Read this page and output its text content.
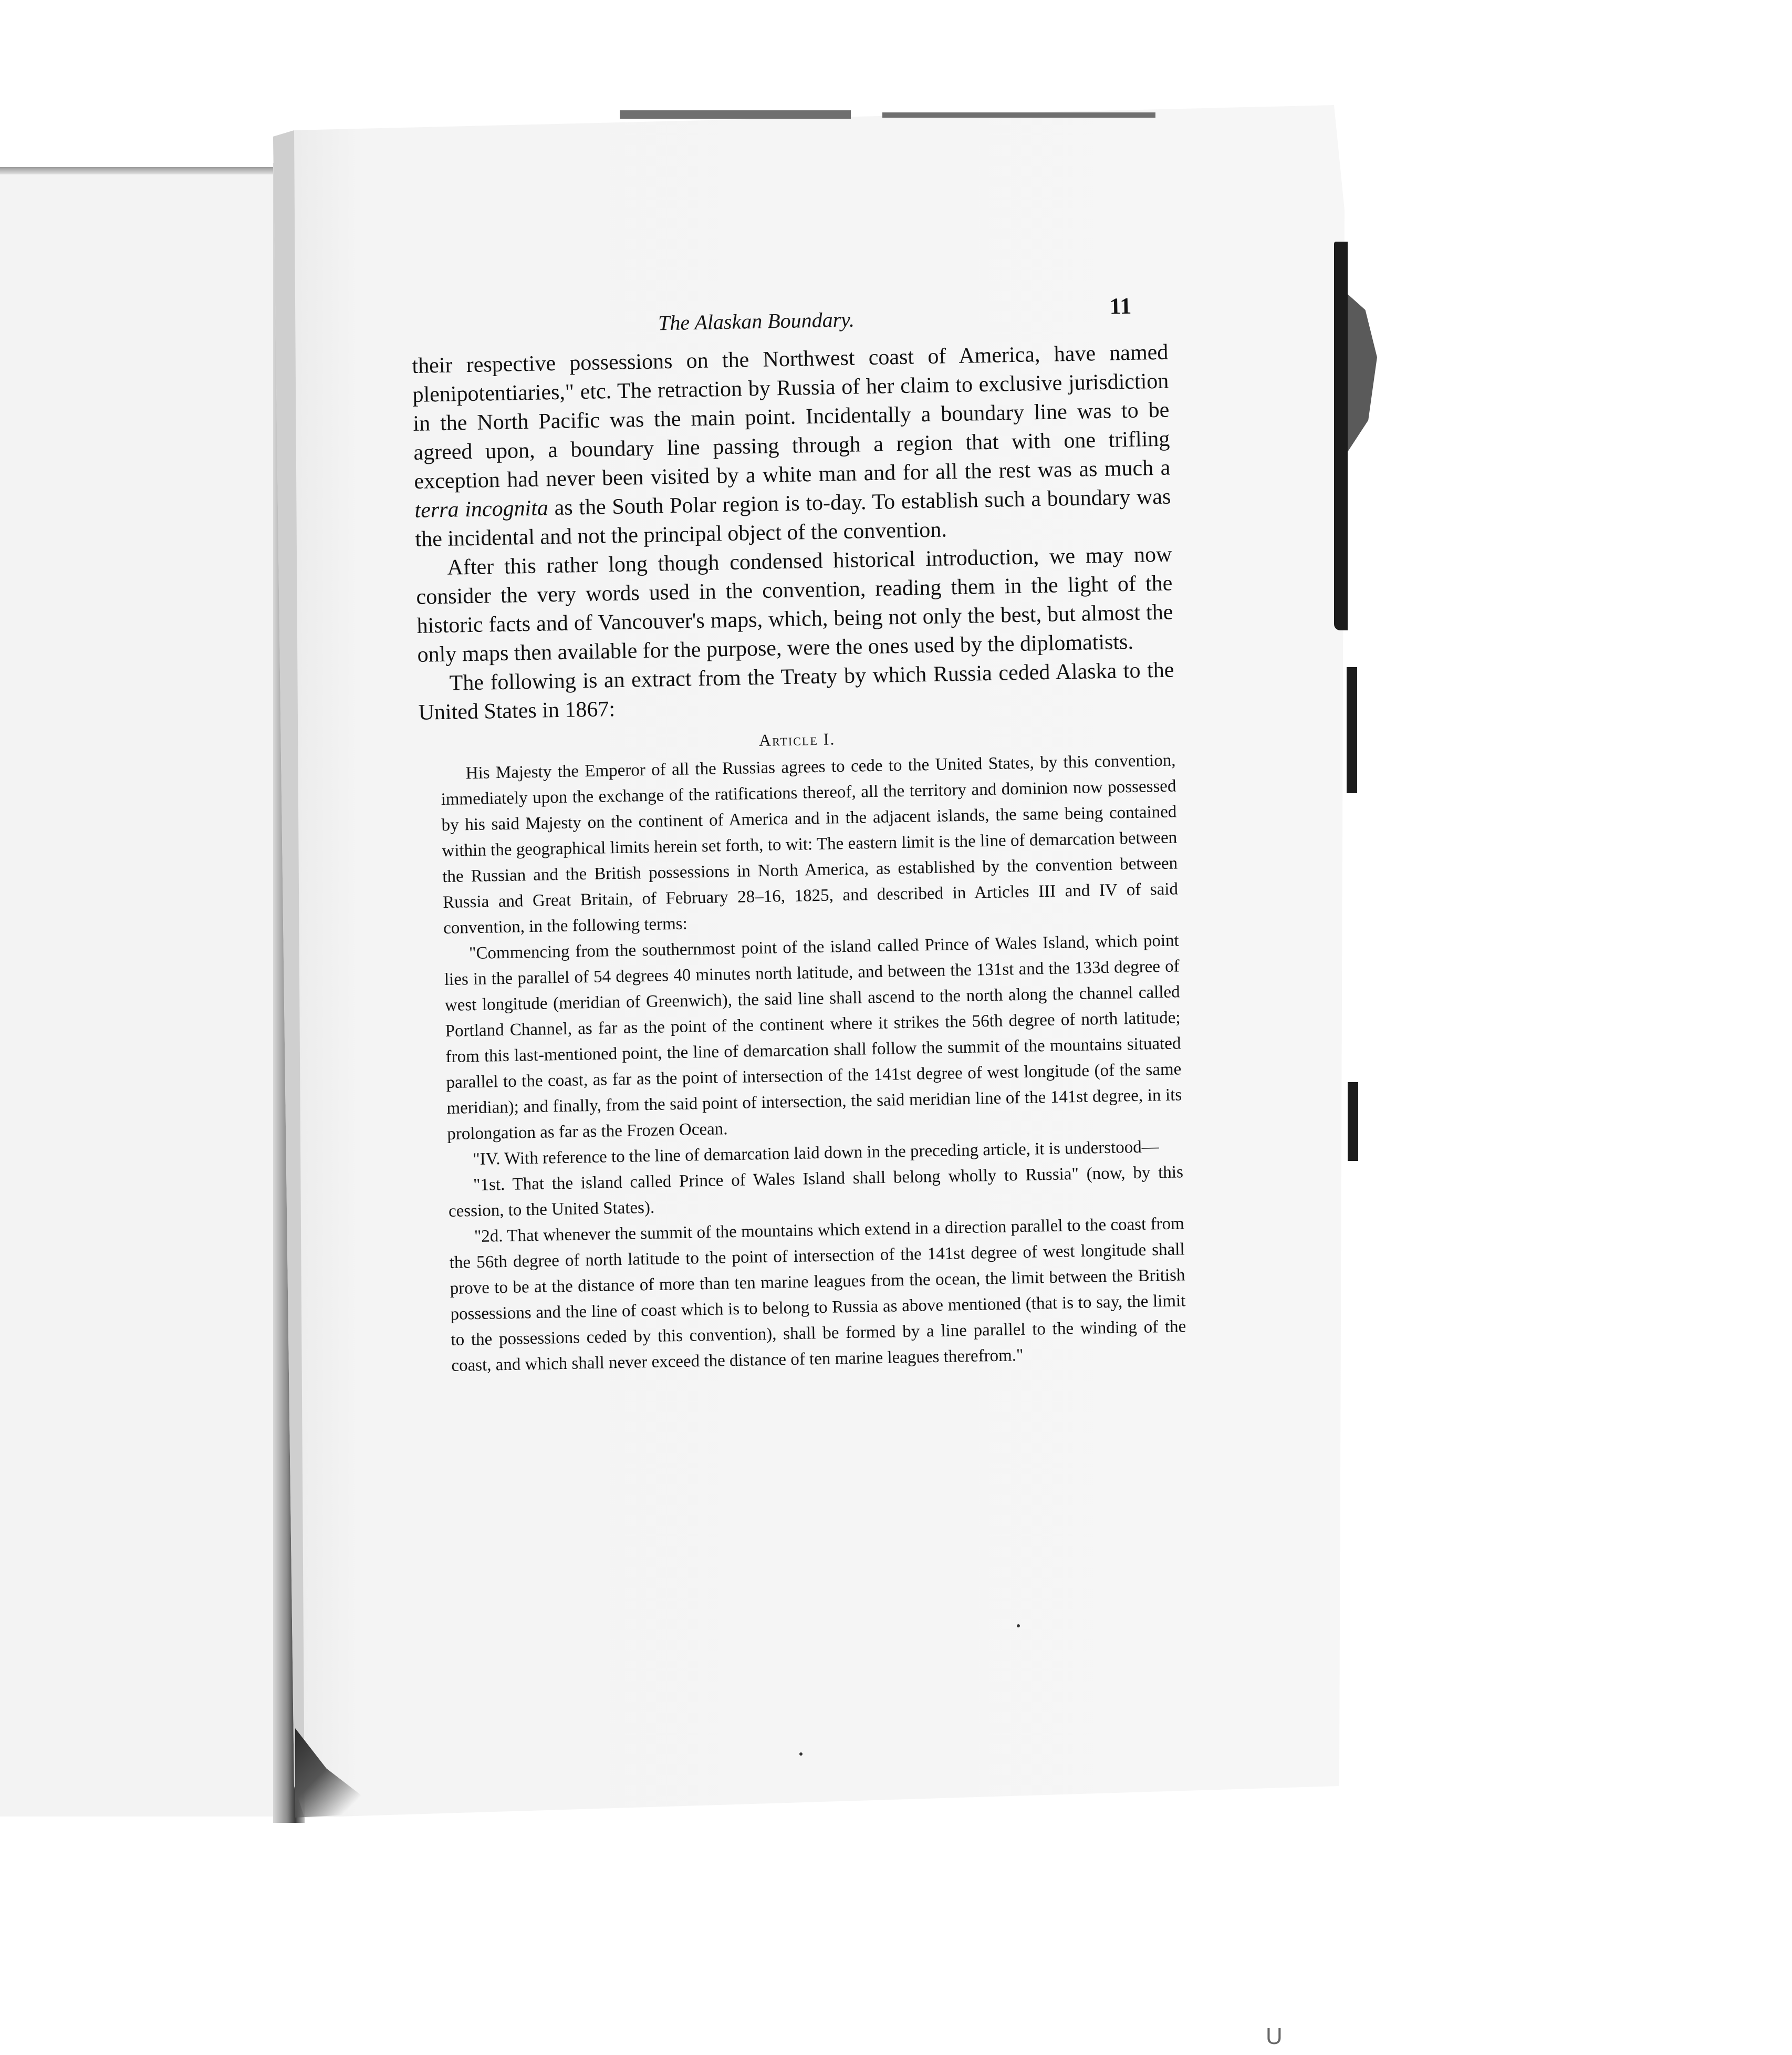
The Alaskan Boundary.
11

their respective possessions on the Northwest coast of America, have named plenipotentiaries," etc. The retraction by Russia of her claim to exclusive jurisdiction in the North Pacific was the main point. Incidentally a boundary line was to be agreed upon, a boundary line passing through a region that with one trifling exception had never been visited by a white man and for all the rest was as much a terra incognita as the South Polar region is to-day. To establish such a boundary was the incidental and not the principal object of the convention.

After this rather long though condensed historical introduction, we may now consider the very words used in the convention, reading them in the light of the historic facts and of Vancouver's maps, which, being not only the best, but almost the only maps then available for the purpose, were the ones used by the diplomatists.

The following is an extract from the Treaty by which Russia ceded Alaska to the United States in 1867:

Article I.

His Majesty the Emperor of all the Russias agrees to cede to the United States, by this convention, immediately upon the exchange of the ratifications thereof, all the territory and dominion now possessed by his said Majesty on the continent of America and in the adjacent islands, the same being contained within the geographical limits herein set forth, to wit: The eastern limit is the line of demarcation between the Russian and the British possessions in North America, as established by the convention between Russia and Great Britain, of February 28–16, 1825, and described in Articles III and IV of said convention, in the following terms:

"Commencing from the southernmost point of the island called Prince of Wales Island, which point lies in the parallel of 54 degrees 40 minutes north latitude, and between the 131st and the 133d degree of west longitude (meridian of Greenwich), the said line shall ascend to the north along the channel called Portland Channel, as far as the point of the continent where it strikes the 56th degree of north latitude; from this last-mentioned point, the line of demarcation shall follow the summit of the mountains situated parallel to the coast, as far as the point of intersection of the 141st degree of west longitude (of the same meridian); and finally, from the said point of intersection, the said meridian line of the 141st degree, in its prolongation as far as the Frozen Ocean.

"IV. With reference to the line of demarcation laid down in the preceding article, it is understood—

"1st. That the island called Prince of Wales Island shall belong wholly to Russia" (now, by this cession, to the United States).

"2d. That whenever the summit of the mountains which extend in a direction parallel to the coast from the 56th degree of north latitude to the point of intersection of the 141st degree of west longitude shall prove to be at the distance of more than ten marine leagues from the ocean, the limit between the British possessions and the line of coast which is to belong to Russia as above mentioned (that is to say, the limit to the possessions ceded by this convention), shall be formed by a line parallel to the winding of the coast, and which shall never exceed the distance of ten marine leagues therefrom."

U
